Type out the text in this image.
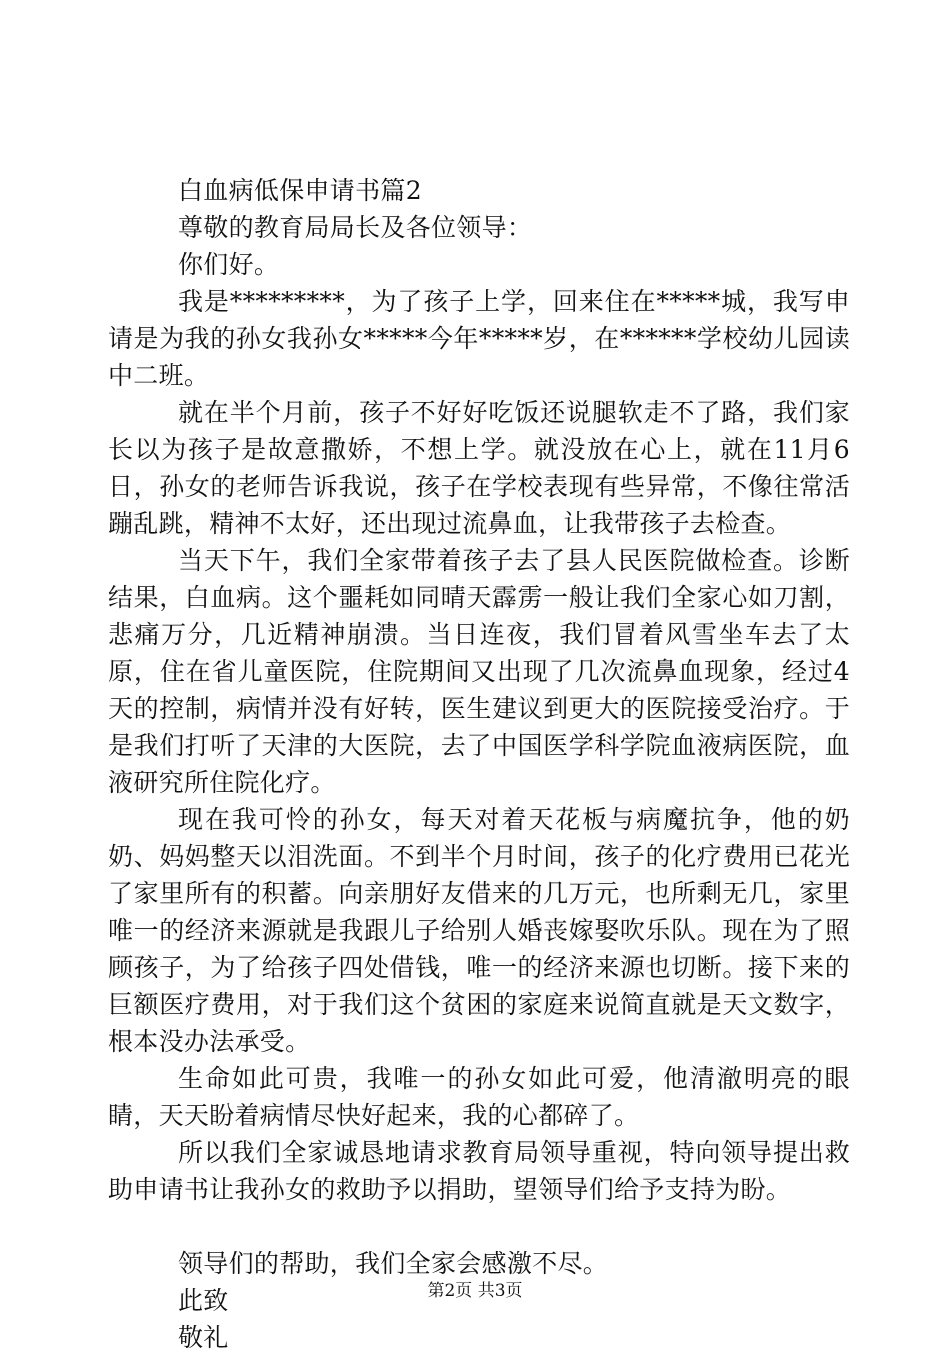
白血病低保申请书篇2

尊敬的教育局局长及各位领导：

你们好。

我是*********，为了孩子上学，回来住在*****城，我写申请是为我的孙女我孙女*****今年*****岁，在******学校幼儿园读中二班。

就在半个月前，孩子不好好吃饭还说腿软走不了路，我们家长以为孩子是故意撒娇，不想上学。就没放在心上，就在11月6日，孙女的老师告诉我说，孩子在学校表现有些异常，不像往常活蹦乱跳，精神不太好，还出现过流鼻血，让我带孩子去检查。

当天下午，我们全家带着孩子去了县人民医院做检查。诊断结果，白血病。这个噩耗如同晴天霹雳一般让我们全家心如刀割，悲痛万分，几近精神崩溃。当日连夜，我们冒着风雪坐车去了太原，住在省儿童医院，住院期间又出现了几次流鼻血现象，经过4天的控制，病情并没有好转，医生建议到更大的医院接受治疗。于是我们打听了天津的大医院，去了中国医学科学院血液病医院，血液研究所住院化疗。

现在我可怜的孙女，每天对着天花板与病魔抗争，他的奶奶、妈妈整天以泪洗面。不到半个月时间，孩子的化疗费用已花光了家里所有的积蓄。向亲朋好友借来的几万元，也所剩无几，家里唯一的经济来源就是我跟儿子给别人婚丧嫁娶吹乐队。现在为了照顾孩子，为了给孩子四处借钱，唯一的经济来源也切断。接下来的巨额医疗费用，对于我们这个贫困的家庭来说简直就是天文数字，根本没办法承受。

生命如此可贵，我唯一的孙女如此可爱，他清澈明亮的眼睛，天天盼着病情尽快好起来，我的心都碎了。

所以我们全家诚恳地请求教育局领导重视，特向领导提出救助申请书让我孙女的救助予以捐助，望领导们给予支持为盼。

领导们的帮助，我们全家会感激不尽。

此致

敬礼

第2页 共3页
